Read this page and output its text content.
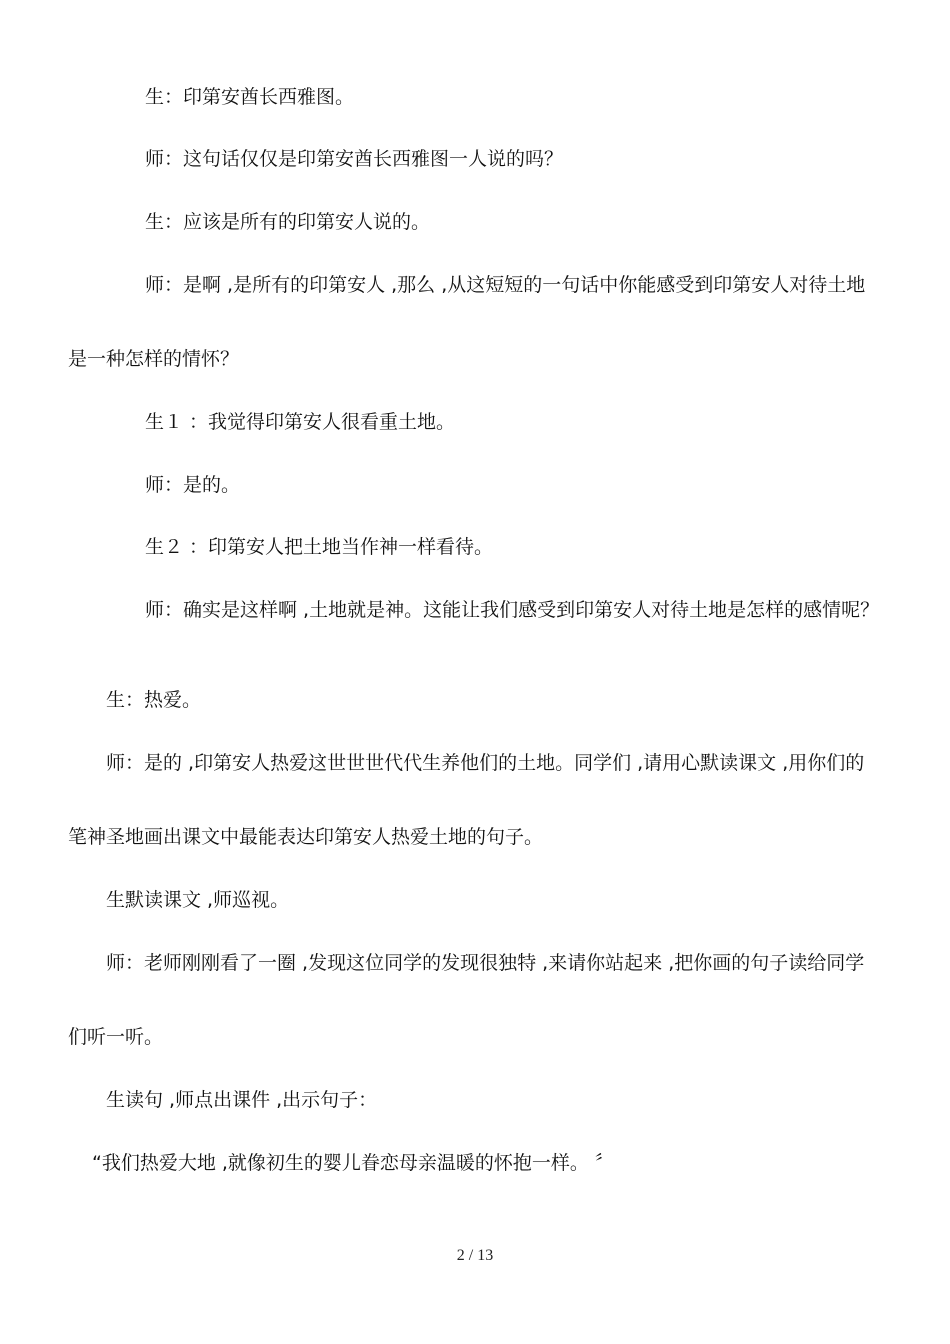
生：印第安酋长西雅图。
师：这句话仅仅是印第安酋长西雅图一人说的吗？
生：应该是所有的印第安人说的。
师：是啊 ,是所有的印第安人 ,那么 ,从这短短的一句话中你能感受到印第安人对待土地
是一种怎样的情怀？
生１ ：我觉得印第安人很看重土地。
师：是的。
生２ ：印第安人把土地当作神一样看待。
师：确实是这样啊 ,土地就是神。这能让我们感受到印第安人对待土地是怎样的感情呢？
生：热爱。
师：是的 ,印第安人热爱这世世世代代生养他们的土地。同学们 ,请用心默读课文 ,用你们的
笔神圣地画出课文中最能表达印第安人热爱土地的句子。
生默读课文 ,师巡视。
师：老师刚刚看了一圈 ,发现这位同学的发现很独特 ,来请你站起来 ,把你画的句子读给同学
们听一听。
生读句 ,师点出课件 ,出示句子：
“我们热爱大地 ,就像初生的婴儿眷恋母亲温暖的怀抱一样。 〞
2 / 13
